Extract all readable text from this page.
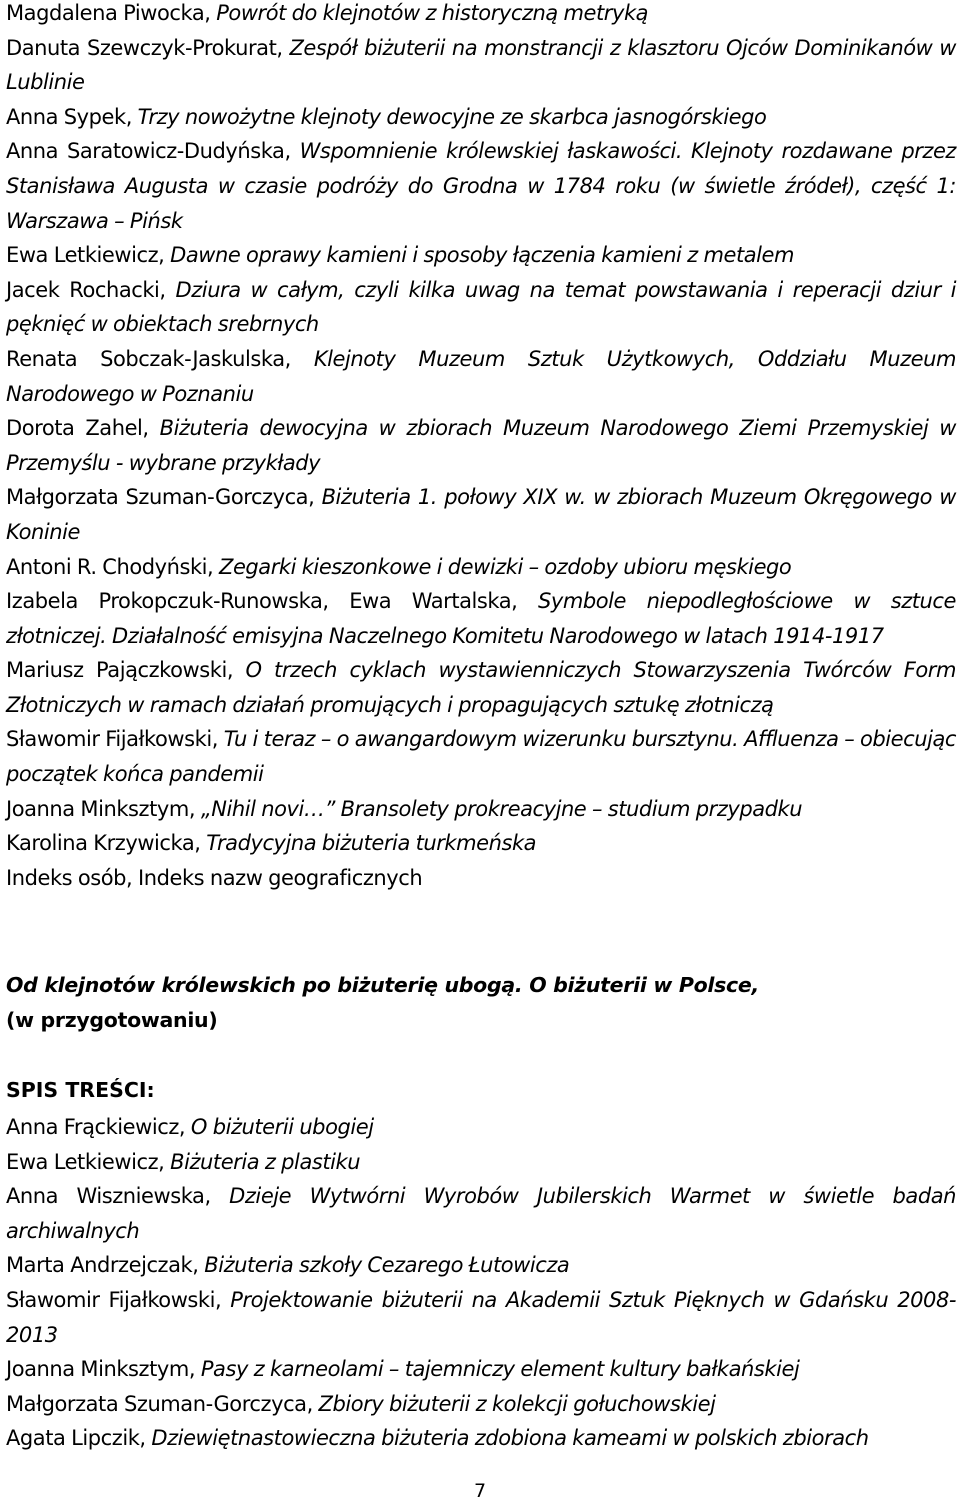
Magdalena Piwocka, Powrót do klejnotów z historyczną metryką

Danuta Szewczyk-Prokurat, Zespół biżuterii na monstrancji z klasztoru Ojców Dominikanów w Lublinie

Anna Sypek, Trzy nowożytne klejnoty dewocyjne ze skarbca jasnogórskiego

Anna Saratowicz-Dudyńska, Wspomnienie królewskiej łaskawości. Klejnoty rozdawane przez Stanisława Augusta w czasie podróży do Grodna w 1784 roku (w świetle źródeł), część 1: Warszawa – Pińsk

Ewa Letkiewicz, Dawne oprawy kamieni i sposoby łączenia kamieni z metalem

Jacek Rochacki, Dziura w całym, czyli kilka uwag na temat powstawania i reperacji dziur i pęknięć w obiektach srebrnych

Renata Sobczak-Jaskulska, Klejnoty Muzeum Sztuk Użytkowych, Oddziału Muzeum Narodowego w Poznaniu

Dorota Zahel, Biżuteria dewocyjna w zbiorach Muzeum Narodowego Ziemi Przemyskiej w Przemyślu - wybrane przykłady

Małgorzata Szuman-Gorczyca, Biżuteria 1. połowy XIX w. w zbiorach Muzeum Okręgowego w Koninie

Antoni R. Chodyński, Zegarki kieszonkowe i dewizki – ozdoby ubioru męskiego

Izabela Prokopczuk-Runowska, Ewa Wartalska, Symbole niepodległościowe w sztuce złotniczej. Działalność emisyjna Naczelnego Komitetu Narodowego w latach 1914-1917

Mariusz Pajączkowski, O trzech cyklach wystawienniczych Stowarzyszenia Twórców Form Złotniczych w ramach działań promujących i propagujących sztukę złotniczą

Sławomir Fijałkowski, Tu i teraz – o awangardowym wizerunku bursztynu. Affluenza – obiecując początek końca pandemii

Joanna Minksztym, „Nihil novi…” Bransolety prokreacyjne – studium przypadku

Karolina Krzywicka, Tradycyjna biżuteria turkmeńska

Indeks osób, Indeks nazw geograficznych

Od klejnotów królewskich po biżuterię ubogą. O biżuterii w Polsce,
(w przygotowaniu)

SPIS TREŚCI:

Anna Frąckiewicz, O biżuterii ubogiej

Ewa Letkiewicz, Biżuteria z plastiku

Anna Wiszniewska, Dzieje Wytwórni Wyrobów Jubilerskich Warmet w świetle badań archiwalnych

Marta Andrzejczak, Biżuteria szkoły Cezarego Łutowicza

Sławomir Fijałkowski, Projektowanie biżuterii na Akademii Sztuk Pięknych w Gdańsku 2008-2013

Joanna Minksztym, Pasy z karneolami – tajemniczy element kultury bałkańskiej

Małgorzata Szuman-Gorczyca, Zbiory biżuterii z kolekcji gołuchowskiej

Agata Lipczik, Dziewiętnastowieczna biżuteria zdobiona kameami w polskich zbiorach

7
